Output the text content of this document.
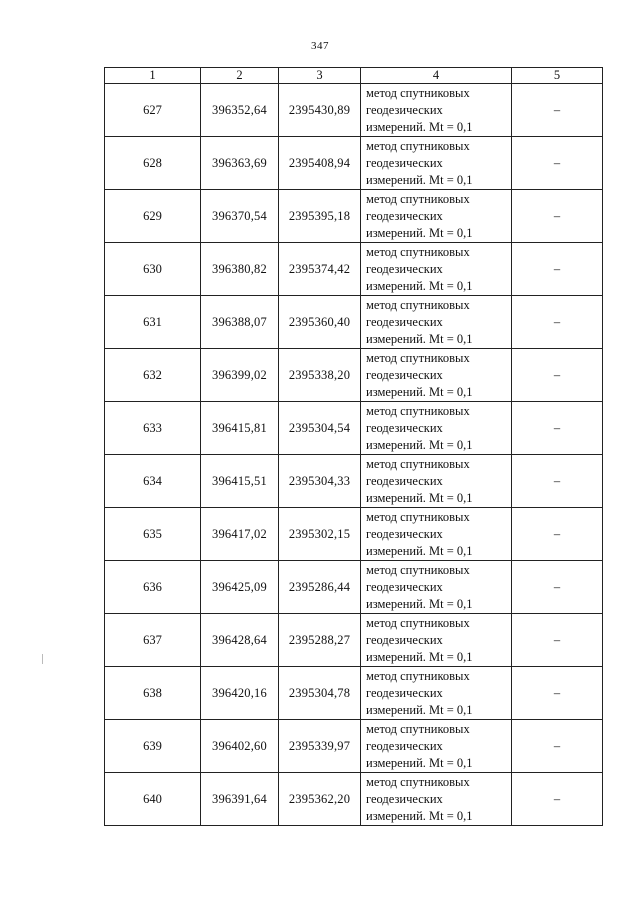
347
1	2	3	4	5
627	396352,64	2395430,89	метод спутниковых
геодезических
измерений. Mt = 0,1	–
628	396363,69	2395408,94	метод спутниковых
геодезических
измерений. Mt = 0,1	–
629	396370,54	2395395,18	метод спутниковых
геодезических
измерений. Mt = 0,1	–
630	396380,82	2395374,42	метод спутниковых
геодезических
измерений. Mt = 0,1	–
631	396388,07	2395360,40	метод спутниковых
геодезических
измерений. Mt = 0,1	–
632	396399,02	2395338,20	метод спутниковых
геодезических
измерений. Mt = 0,1	–
633	396415,81	2395304,54	метод спутниковых
геодезических
измерений. Mt = 0,1	–
634	396415,51	2395304,33	метод спутниковых
геодезических
измерений. Mt = 0,1	–
635	396417,02	2395302,15	метод спутниковых
геодезических
измерений. Mt = 0,1	–
636	396425,09	2395286,44	метод спутниковых
геодезических
измерений. Mt = 0,1	–
637	396428,64	2395288,27	метод спутниковых
геодезических
измерений. Mt = 0,1	–
638	396420,16	2395304,78	метод спутниковых
геодезических
измерений. Mt = 0,1	–
639	396402,60	2395339,97	метод спутниковых
геодезических
измерений. Mt = 0,1	–
640	396391,64	2395362,20	метод спутниковых
геодезических
измерений. Mt = 0,1	–
